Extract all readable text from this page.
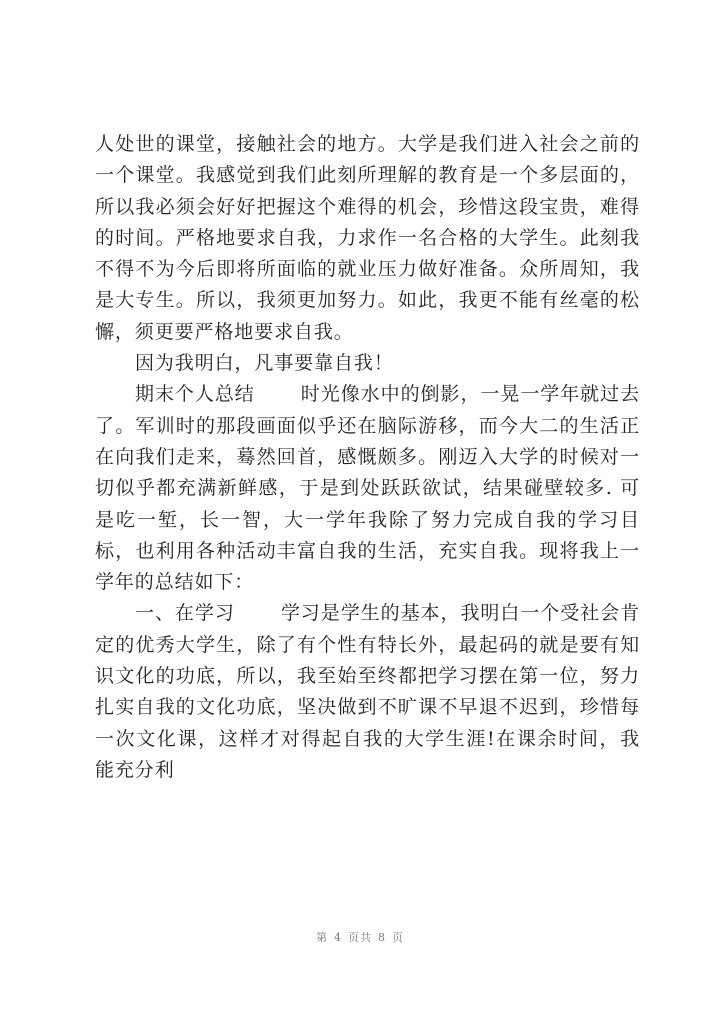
人处世的课堂，接触社会的地方。大学是我们进入社会之前的一个课堂。我感觉到我们此刻所理解的教育是一个多层面的，所以我必须会好好把握这个难得的机会，珍惜这段宝贵，难得的时间。严格地要求自我，力求作一名合格的大学生。此刻我不得不为今后即将所面临的就业压力做好准备。众所周知，我是大专生。所以，我须更加努力。如此，我更不能有丝毫的松懈，须更要严格地要求自我。

因为我明白，凡事要靠自我！

期末个人总结 时光像水中的倒影，一晃一学年就过去了。军训时的那段画面似乎还在脑际游移，而今大二的生活正在向我们走来，蓦然回首，感慨颇多。刚迈入大学的时候对一切似乎都充满新鲜感，于是到处跃跃欲试，结果碰壁较多. 可是吃一堑，长一智，大一学年我除了努力完成自我的学习目标，也利用各种活动丰富自我的生活，充实自我。现将我上一学年的总结如下：

一、在学习 学习是学生的基本，我明白一个受社会肯定的优秀大学生，除了有个性有特长外，最起码的就是要有知识文化的功底，所以，我至始至终都把学习摆在第一位，努力扎实自我的文化功底，坚决做到不旷课不早退不迟到，珍惜每一次文化课，这样才对得起自我的大学生涯!在课余时间，我能充分利

第 4 页共 8 页
